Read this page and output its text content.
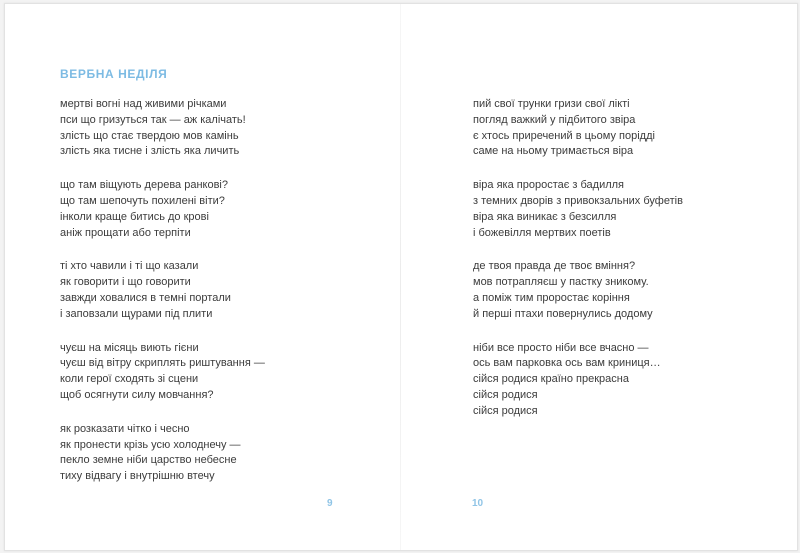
ВЕРБНА НЕДІЛЯ
мертві вогні над живими річками
пси що гризуться так — аж калічать!
злість що стає твердою мов камінь
злість яка тисне і злість яка личить
що там віщують дерева ранкові?
що там шепочуть похилені віти?
інколи краще битись до крові
аніж прощати або терпіти
ті хто чавили і ті що казали
як говорити і що говорити
завжди ховалися в темні портали
і заповзали щурами під плити
чуєш на місяць виють гієни
чуєш від вітру скриплять риштування —
коли герої сходять зі сцени
щоб осягнути силу мовчання?
як розказати чітко і чесно
як пронести крізь усю холоднечу —
пекло земне ніби царство небесне
тиху відвагу і внутрішню втечу
пий свої трунки гризи свої лікті
погляд важкий у підбитого звіра
є хтось приречений в цьому порідді
саме на ньому тримається віра
віра яка проростає з бадилля
з темних дворів з привокзальних буфетів
віра яка виникає з безсилля
і божевілля мертвих поетів
де твоя правда де твоє вміння?
мов потрапляєш у пастку зникому.
а поміж тим проростає коріння
й перші птахи повернулись додому
ніби все просто ніби все вчасно —
ось вам парковка ось вам криниця…
сійся родися країно прекрасна
сійся родися
сійся родися
9	10
